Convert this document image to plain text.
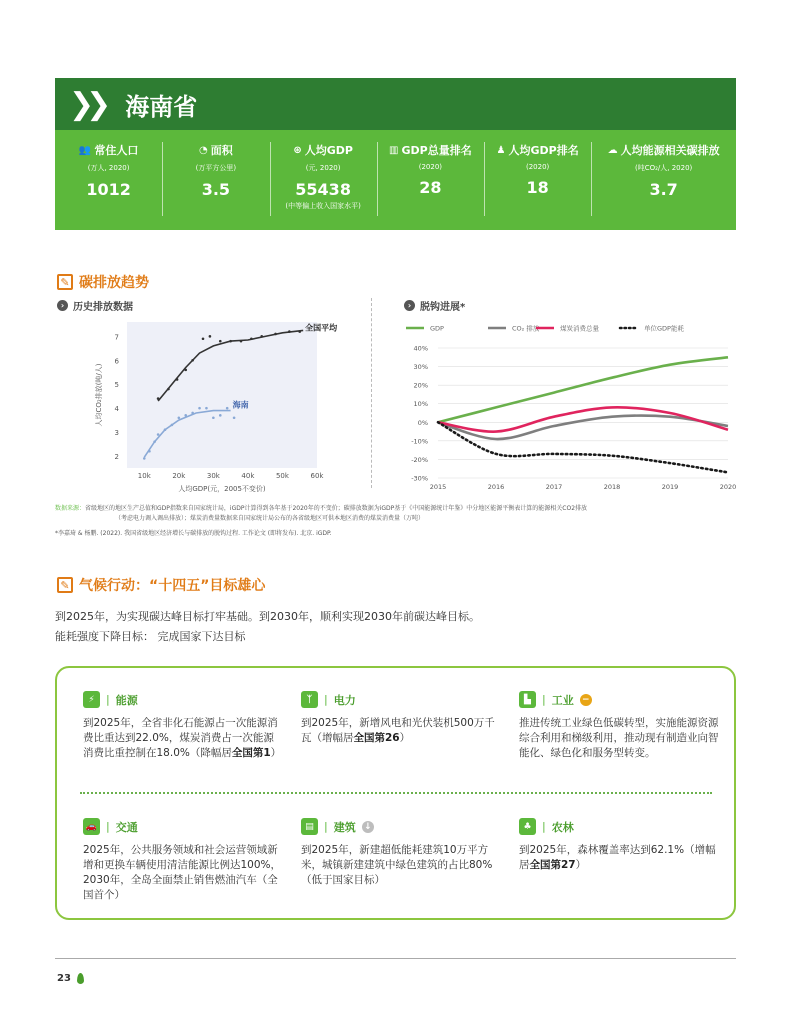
❯❯ 海南省
👥 常住人口
(万人, 2020)
1012
◔ 面积
(万平方公里)
3.5
⊛ 人均GDP
(元, 2020)
55438
(中等偏上收入国家水平)
▥ GDP总量排名
(2020)
28
♟ 人均GDP排名
(2020)
18
☁ 人均能源相关碳排放
(吨CO₂/人, 2020)
3.7
✎ 碳排放趋势
› 历史排放数据	› 脱钩进展*
2
3
4
5
6
7
10k	20k	30k	40k	50k	60k
人均GDP(元，2005不变价)
人均CO₂排放(吨/人)
全国平均
海南
GDP	CO₂ 排放	煤炭消费总量	单位GDP能耗
40%
30%
20%
10%
0%
-10%
-20%
-30%
2015	2016	2017	2018	2019	2020
数据来源：省级地区的地区生产总值和GDP指数来自国家统计局，iGDP计算得到各年基于2020年的不变价；碳排放数据为iGDP基于《中国能源统计年鉴》中分地区能源平衡表计算的能源相关CO2排放
（考虑电力调入调出排放）；煤炭消费量数据来自国家统计局公布的各省级地区可供本地区消费的煤炭消费量（万吨）
*李嘉琦 & 杨鹏. (2022). 我国省级地区经济增长与碳排放的脱钩过程. 工作论文 (即将发布). 北京. iGDP.
✎ 气候行动：“十四五”目标雄心
到2025年，为实现碳达峰目标打牢基础。到2030年，顺利实现2030年前碳达峰目标。
能耗强度下降目标： 完成国家下达目标
⚡	| 能源
到2025年，全省非化石能源占一次能源消费比重达到22.0%，煤炭消费占一次能源消费比重控制在18.0%（降幅居全国第1）
ᛉ	| 电力
到2025年，新增风电和光伏装机500万千瓦（增幅居全国第26）
▙	| 工业 −
推进传统工业绿色低碳转型，实施能源资源综合利用和梯级利用，推动现有制造业向智能化、绿色化和服务型转变。
🚗 | 交通
2025年，公共服务领域和社会运营领域新增和更换车辆使用清洁能源比例达100%，2030年，全岛全面禁止销售燃油汽车（全国首个）
▤ | 建筑 ↓
到2025年，新建超低能耗建筑10万平方米，城镇新建建筑中绿色建筑的占比80%（低于国家目标）
♣ | 农林
到2025年，森林覆盖率达到62.1%（增幅居全国第27）
23
